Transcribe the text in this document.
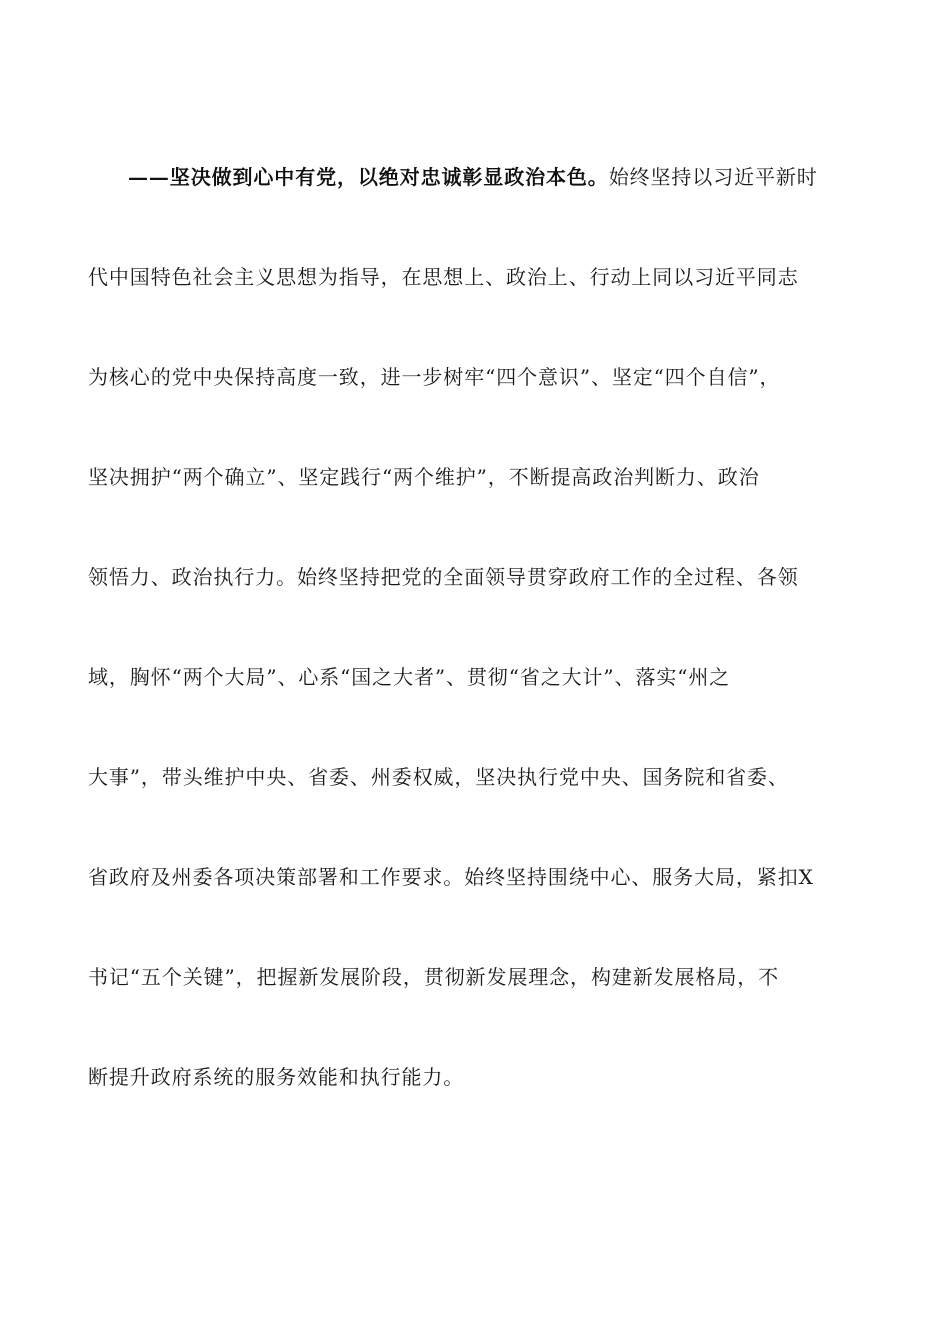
——坚决做到心中有党，以绝对忠诚彰显政治本色。始终坚持以习近平新时
代中国特色社会主义思想为指导，在思想上、政治上、行动上同以习近平同志
为核心的党中央保持高度一致，进一步树牢“四个意识”、坚定“四个自信”，
坚决拥护“两个确立”、坚定践行“两个维护”，不断提高政治判断力、政治
领悟力、政治执行力。始终坚持把党的全面领导贯穿政府工作的全过程、各领
域，胸怀“两个大局”、心系“国之大者”、贯彻“省之大计”、落实“州之
大事”，带头维护中央、省委、州委权威，坚决执行党中央、国务院和省委、
省政府及州委各项决策部署和工作要求。始终坚持围绕中心、服务大局，紧扣X
书记“五个关键”，把握新发展阶段，贯彻新发展理念，构建新发展格局，不
断提升政府系统的服务效能和执行能力。
